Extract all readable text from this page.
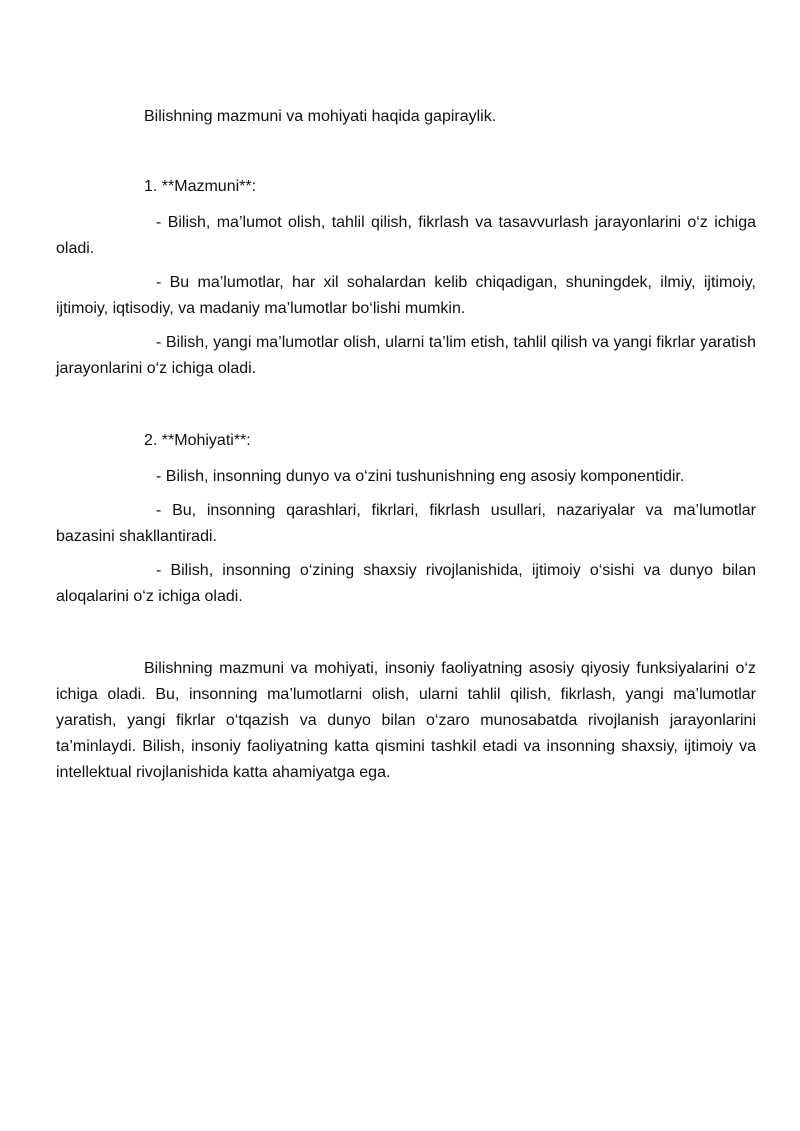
Bilishning mazmuni va mohiyati haqida gapiraylik.

1. **Mazmuni**:

- Bilish, ma’lumot olish, tahlil qilish, fikrlash va tasavvurlash jarayonlarini o‘z ichiga oladi.

- Bu ma’lumotlar, har xil sohalardan kelib chiqadigan, shuningdek, ilmiy, ijtimoiy, ijtimoiy, iqtisodiy, va madaniy ma’lumotlar bo‘lishi mumkin.

- Bilish, yangi ma’lumotlar olish, ularni ta’lim etish, tahlil qilish va yangi fikrlar yaratish jarayonlarini o‘z ichiga oladi.

2. **Mohiyati**:

- Bilish, insonning dunyo va o‘zini tushunishning eng asosiy komponentidir.

- Bu, insonning qarashlari, fikrlari, fikrlash usullari, nazariyalar va ma’lumotlar bazasini shakllantiradi.

- Bilish, insonning o‘zining shaxsiy rivojlanishida, ijtimoiy o‘sishi va dunyo bilan aloqalarini o‘z ichiga oladi.

Bilishning mazmuni va mohiyati, insoniy faoliyatning asosiy qiyosiy funksiyalarini o‘z ichiga oladi. Bu, insonning ma’lumotlarni olish, ularni tahlil qilish, fikrlash, yangi ma’lumotlar yaratish, yangi fikrlar o‘tqazish va dunyo bilan o‘zaro munosabatda rivojlanish jarayonlarini ta’minlaydi. Bilish, insoniy faoliyatning katta qismini tashkil etadi va insonning shaxsiy, ijtimoiy va intellektual rivojlanishida katta ahamiyatga ega.
